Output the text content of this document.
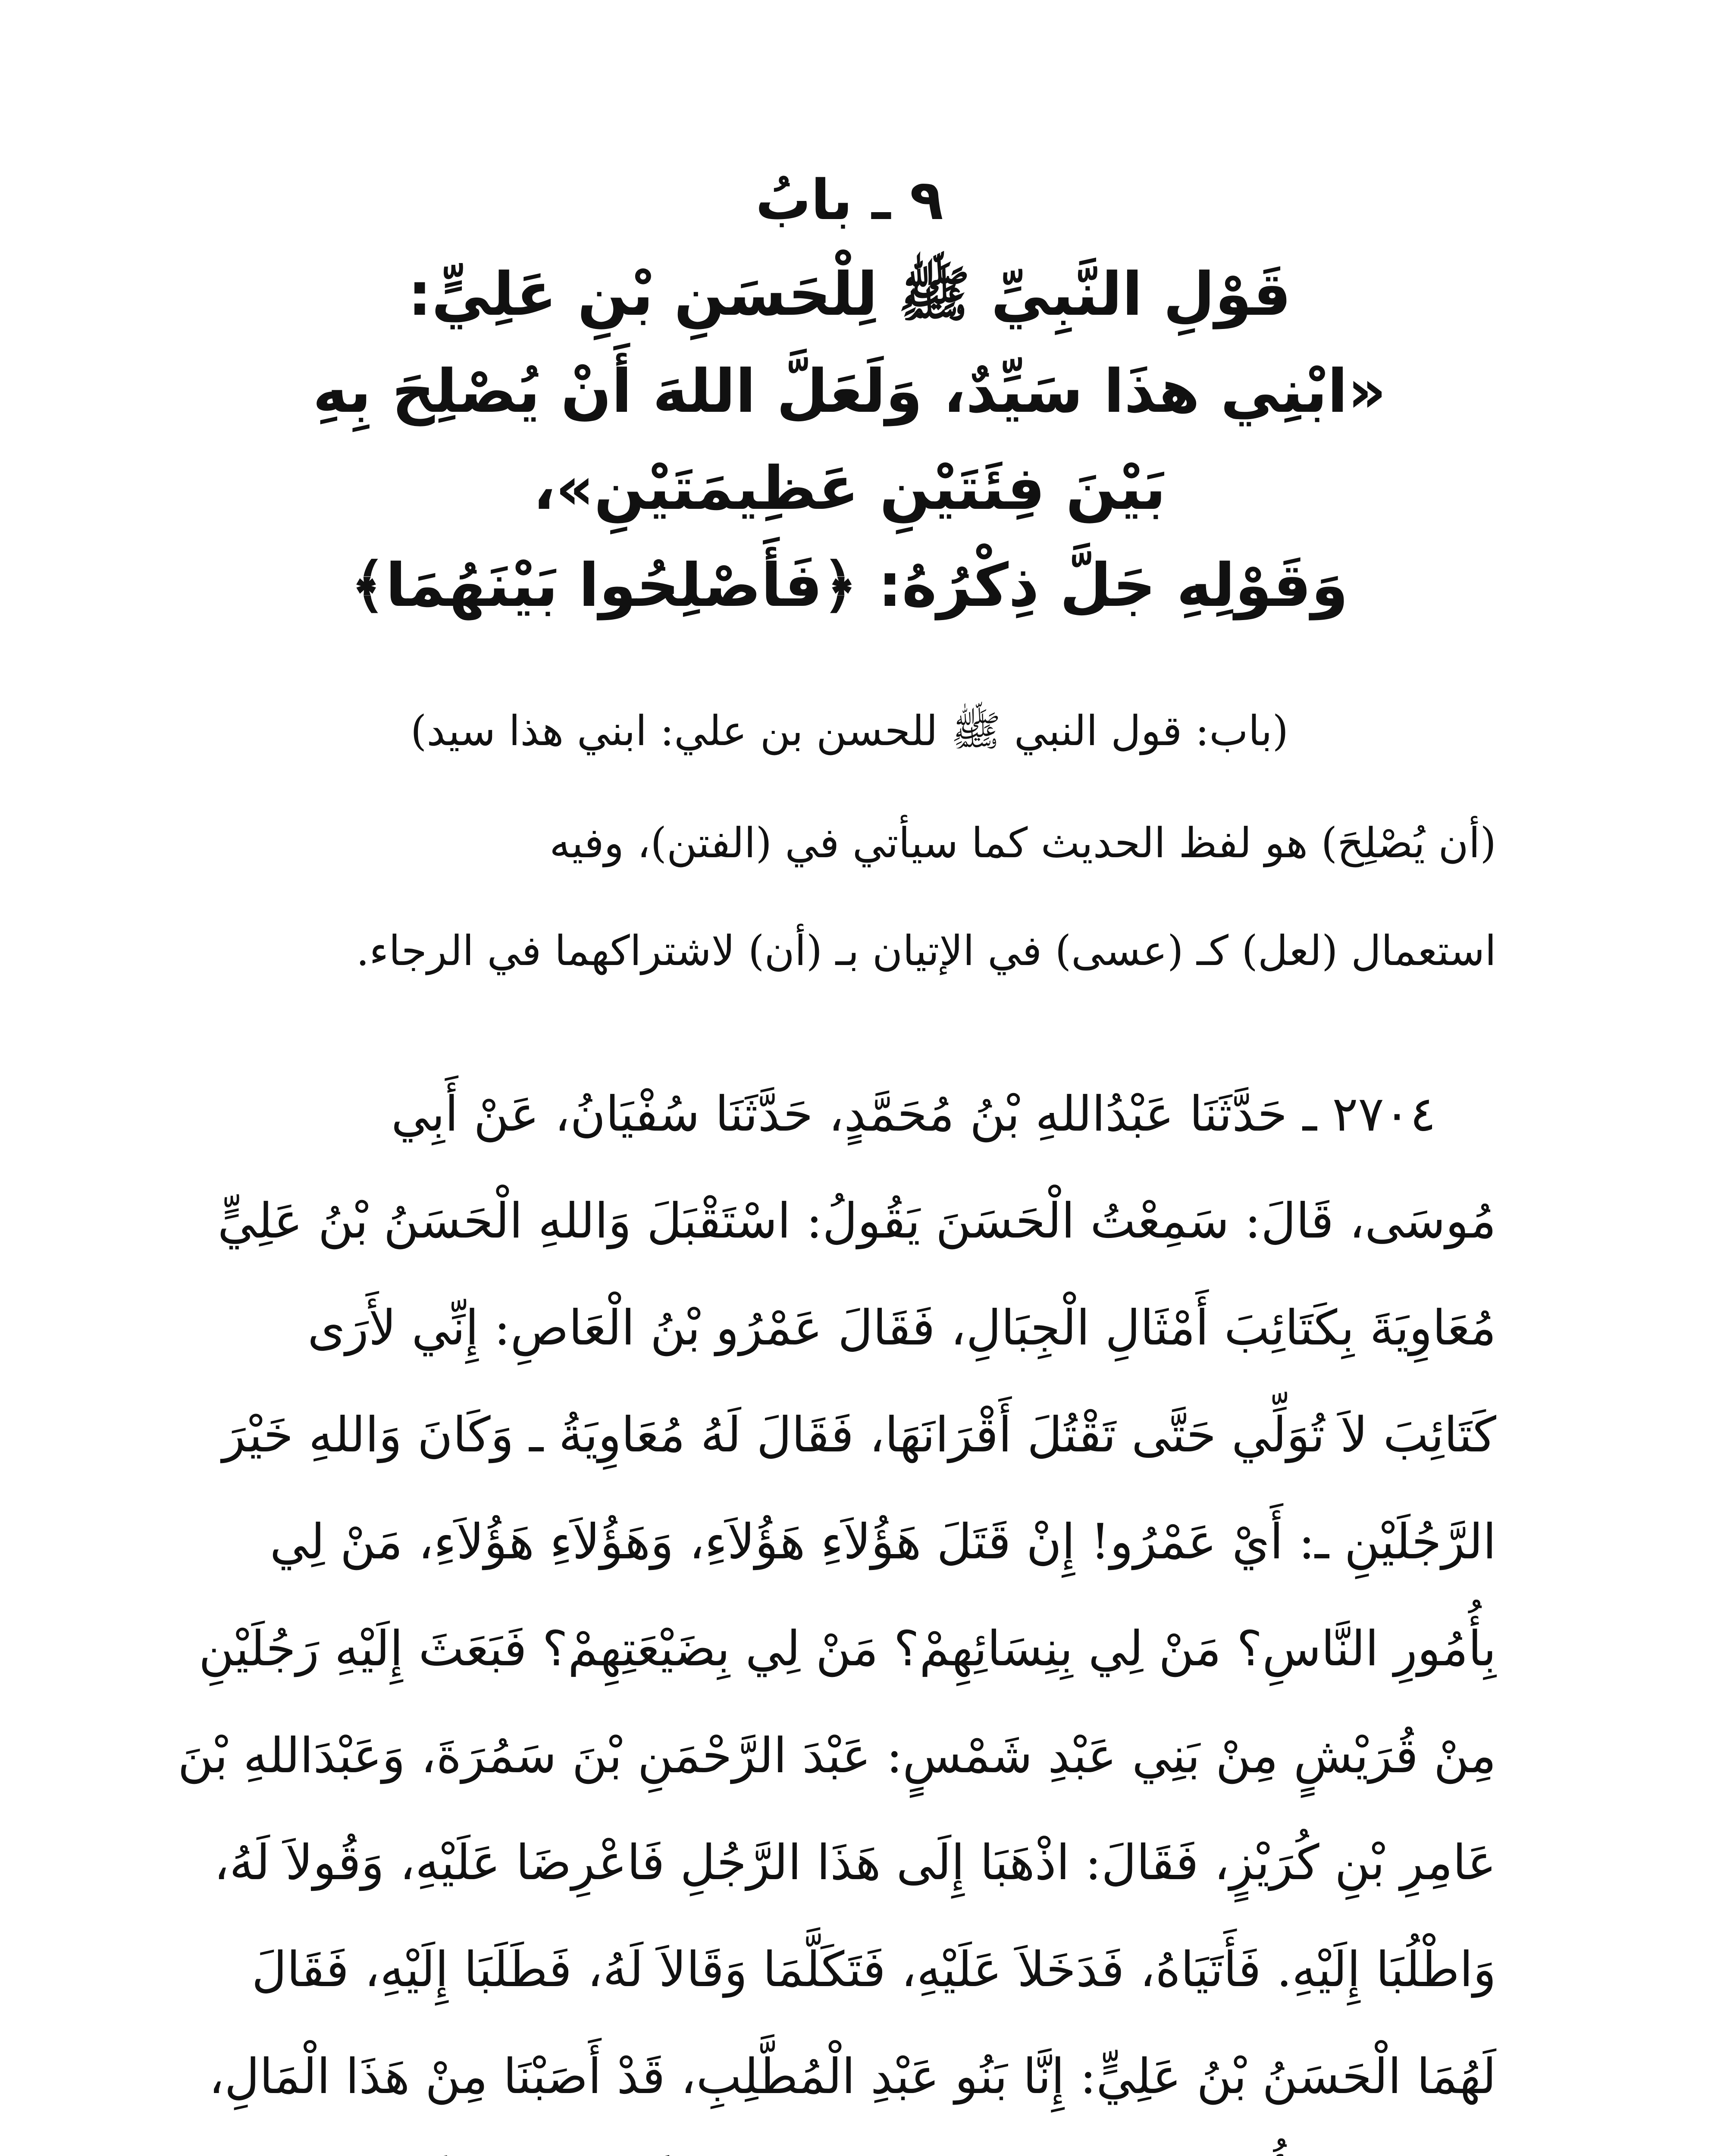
٩ ـ بابُ
قَوْلِ النَّبِيِّ ﷺ لِلْحَسَنِ بْنِ عَلِيٍّ:
«ابْنِي هذَا سَيِّدٌ، وَلَعَلَّ اللهَ أَنْ يُصْلِحَ بِهِ
بَيْنَ فِئَتَيْنِ عَظِيمَتَيْنِ»،
وَقَوْلِهِ جَلَّ ذِكْرُهُ: ﴿فَأَصْلِحُوا بَيْنَهُمَا﴾
(باب: قول النبي ﷺ للحسن بن علي: ابني هذا سيد)
(أن يُصْلِحَ) هو لفظ الحديث كما سيأتي في (الفتن)، وفيه
استعمال (لعل) كـ (عسى) في الإتيان بـ (أن) لاشتراكهما في الرجاء.
٢٧٠٤ ـ حَدَّثَنَا عَبْدُاللهِ بْنُ مُحَمَّدٍ، حَدَّثَنَا سُفْيَانُ، عَنْ أَبِي
مُوسَى، قَالَ: سَمِعْتُ الْحَسَنَ يَقُولُ: اسْتَقْبَلَ وَاللهِ الْحَسَنُ بْنُ عَلِيٍّ
مُعَاوِيَةَ بِكَتَائِبَ أَمْثَالِ الْجِبَالِ، فَقَالَ عَمْرُو بْنُ الْعَاصِ: إِنِّي لأَرَى
كَتَائِبَ لاَ تُوَلِّي حَتَّى تَقْتُلَ أَقْرَانَهَا، فَقَالَ لَهُ مُعَاوِيَةُ ـ وَكَانَ وَاللهِ خَيْرَ
الرَّجُلَيْنِ ـ: أَيْ عَمْرُو! إِنْ قَتَلَ هَؤُلاَءِ هَؤُلاَءِ، وَهَؤُلاَءِ هَؤُلاَءِ، مَنْ لِي
بِأُمُورِ النَّاسِ؟ مَنْ لِي بِنِسَائِهِمْ؟ مَنْ لِي بِضَيْعَتِهِمْ؟ فَبَعَثَ إِلَيْهِ رَجُلَيْنِ
مِنْ قُرَيْشٍ مِنْ بَنِي عَبْدِ شَمْسٍ: عَبْدَ الرَّحْمَنِ بْنَ سَمُرَةَ، وَعَبْدَاللهِ بْنَ
عَامِرِ بْنِ كُرَيْزٍ، فَقَالَ: اذْهَبَا إِلَى هَذَا الرَّجُلِ فَاعْرِضَا عَلَيْهِ، وَقُولاَ لَهُ،
وَاطْلُبَا إِلَيْهِ. فَأَتَيَاهُ، فَدَخَلاَ عَلَيْهِ، فَتَكَلَّمَا وَقَالاَ لَهُ، فَطَلَبَا إِلَيْهِ، فَقَالَ
لَهُمَا الْحَسَنُ بْنُ عَلِيٍّ: إِنَّا بَنُو عَبْدِ الْمُطَّلِبِ، قَدْ أَصَبْنَا مِنْ هَذَا الْمَالِ،
